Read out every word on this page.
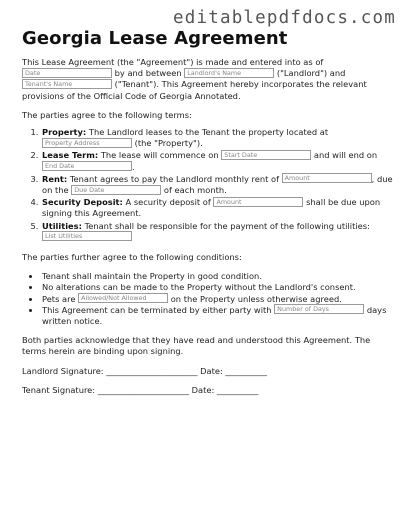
editablepdfdocs.com
Georgia Lease Agreement

This Lease Agreement (the "Agreement") is made and entered into as of
Date	by and between Landlord's Name	("Landlord") and
Tenant's Name	("Tenant"). This Agreement hereby incorporates the relevant provisions of the Official Code of Georgia Annotated.

The parties agree to the following terms:

1. Property: The Landlord leases to the Tenant the property located at
Property Address	(the "Property").
2. Lease Term: The lease will commence on Start Date	and will end on
End Date	.
3. Rent: Tenant agrees to pay the Landlord monthly rent of Amount	, due on the Due Date	of each month.
4. Security Deposit: A security deposit of Amount	shall be due upon signing this Agreement.
5. Utilities: Tenant shall be responsible for the payment of the following utilities:
List Utilities

The parties further agree to the following conditions:

• Tenant shall maintain the Property in good condition.
• No alterations can be made to the Property without the Landlord's consent.
• Pets are Allowed/Not Allowed	on the Property unless otherwise agreed.
• This Agreement can be terminated by either party with Number of Days	days written notice.

Both parties acknowledge that they have read and understood this Agreement. The terms herein are binding upon signing.

Landlord Signature: ______________________ Date: __________
Tenant Signature: ______________________ Date: __________
